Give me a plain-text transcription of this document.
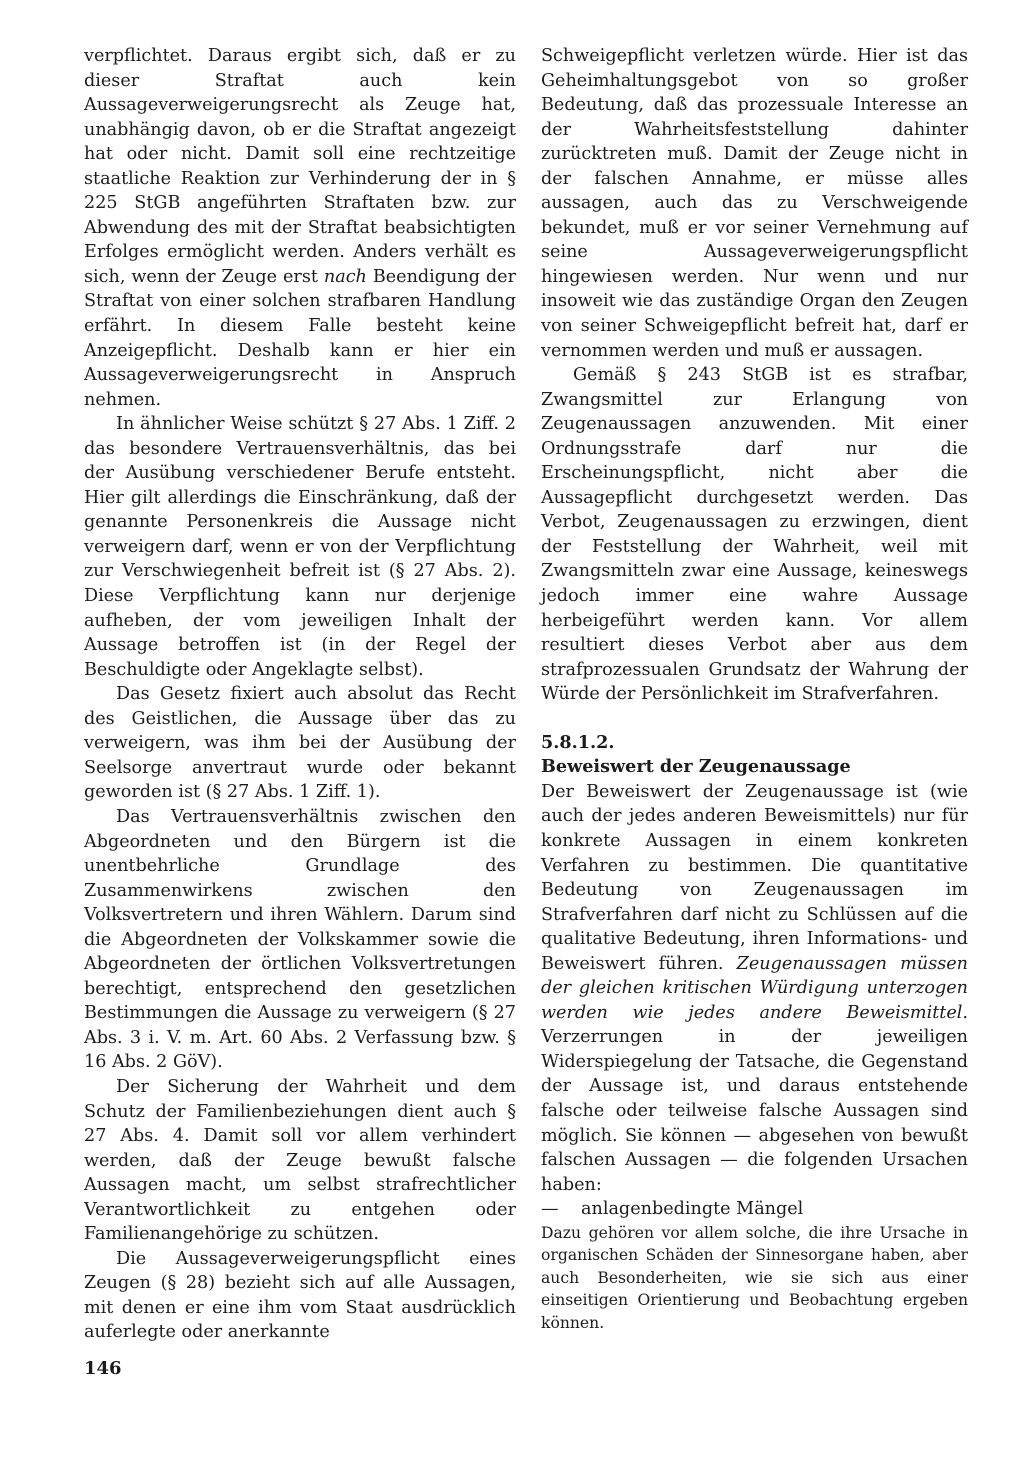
verpflichtet. Daraus ergibt sich, daß er zu dieser Straftat auch kein Aussageverweigerungsrecht als Zeuge hat, unabhängig davon, ob er die Straftat angezeigt hat oder nicht. Damit soll eine rechtzeitige staatliche Reaktion zur Verhinderung der in § 225 StGB angeführten Straftaten bzw. zur Abwendung des mit der Straftat beabsichtigten Erfolges ermöglicht werden. Anders verhält es sich, wenn der Zeuge erst nach Beendigung der Straftat von einer solchen strafbaren Handlung erfährt. In diesem Falle besteht keine Anzeigepflicht. Deshalb kann er hier ein Aussageverweigerungsrecht in Anspruch nehmen.

In ähnlicher Weise schützt § 27 Abs. 1 Ziff. 2 das besondere Vertrauensverhältnis, das bei der Ausübung verschiedener Berufe entsteht. Hier gilt allerdings die Einschränkung, daß der genannte Personenkreis die Aussage nicht verweigern darf, wenn er von der Verpflichtung zur Verschwiegenheit befreit ist (§ 27 Abs. 2). Diese Verpflichtung kann nur derjenige aufheben, der vom jeweiligen Inhalt der Aussage betroffen ist (in der Regel der Beschuldigte oder Angeklagte selbst).

Das Gesetz fixiert auch absolut das Recht des Geistlichen, die Aussage über das zu verweigern, was ihm bei der Ausübung der Seelsorge anvertraut wurde oder bekannt geworden ist (§ 27 Abs. 1 Ziff. 1).

Das Vertrauensverhältnis zwischen den Abgeordneten und den Bürgern ist die unentbehrliche Grundlage des Zusammenwirkens zwischen den Volksvertretern und ihren Wählern. Darum sind die Abgeordneten der Volkskammer sowie die Abgeordneten der örtlichen Volksvertretungen berechtigt, entsprechend den gesetzlichen Bestimmungen die Aussage zu verweigern (§ 27 Abs. 3 i. V. m. Art. 60 Abs. 2 Verfassung bzw. § 16 Abs. 2 GöV).

Der Sicherung der Wahrheit und dem Schutz der Familienbeziehungen dient auch § 27 Abs. 4. Damit soll vor allem verhindert werden, daß der Zeuge bewußt falsche Aussagen macht, um selbst strafrechtlicher Verantwortlichkeit zu entgehen oder Familienangehörige zu schützen.

Die Aussageverweigerungspflicht eines Zeugen (§ 28) bezieht sich auf alle Aussagen, mit denen er eine ihm vom Staat ausdrücklich auferlegte oder anerkannte

Schweigepflicht verletzen würde. Hier ist das Geheimhaltungsgebot von so großer Bedeutung, daß das prozessuale Interesse an der Wahrheitsfeststellung dahinter zurücktreten muß. Damit der Zeuge nicht in der falschen Annahme, er müsse alles aussagen, auch das zu Verschweigende bekundet, muß er vor seiner Vernehmung auf seine Aussageverweigerungspflicht hingewiesen werden. Nur wenn und nur insoweit wie das zuständige Organ den Zeugen von seiner Schweigepflicht befreit hat, darf er vernommen werden und muß er aussagen.

Gemäß § 243 StGB ist es strafbar, Zwangsmittel zur Erlangung von Zeugenaussagen anzuwenden. Mit einer Ordnungsstrafe darf nur die Erscheinungspflicht, nicht aber die Aussagepflicht durchgesetzt werden. Das Verbot, Zeugenaussagen zu erzwingen, dient der Feststellung der Wahrheit, weil mit Zwangsmitteln zwar eine Aussage, keineswegs jedoch immer eine wahre Aussage herbeigeführt werden kann. Vor allem resultiert dieses Verbot aber aus dem strafprozessualen Grundsatz der Wahrung der Würde der Persönlichkeit im Strafverfahren.

5.8.1.2.

Beweiswert der Zeugenaussage

Der Beweiswert der Zeugenaussage ist (wie auch der jedes anderen Beweismittels) nur für konkrete Aussagen in einem konkreten Verfahren zu bestimmen. Die quantitative Bedeutung von Zeugenaussagen im Strafverfahren darf nicht zu Schlüssen auf die qualitative Bedeutung, ihren Informations- und Beweiswert führen. Zeugenaussagen müssen der gleichen kritischen Würdigung unterzogen werden wie jedes andere Beweismittel. Verzerrungen in der jeweiligen Widerspiegelung der Tatsache, die Gegenstand der Aussage ist, und daraus entstehende falsche oder teilweise falsche Aussagen sind möglich. Sie können — abgesehen von bewußt falschen Aussagen — die folgenden Ursachen haben:

—	anlagenbedingte Mängel

Dazu gehören vor allem solche, die ihre Ursache in organischen Schäden der Sinnesorgane haben, aber auch Besonderheiten, wie sie sich aus einer einseitigen Orientierung und Beobachtung ergeben können.

146
